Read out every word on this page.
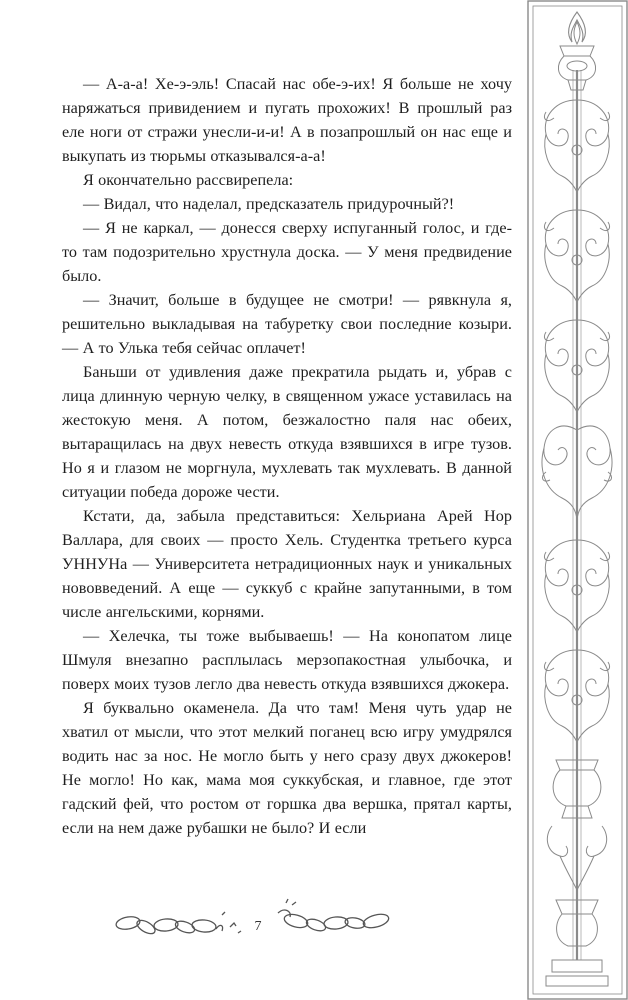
— А-а-а! Хе-э-эль! Спасай нас обе-э-их! Я больше не хочу наряжаться привидением и пугать прохожих! В прошлый раз еле ноги от стражи унесли-и-и! А в позапрошлый он нас еще и выкупать из тюрьмы отказывался-а-а!

Я окончательно рассвирепела:

— Видал, что наделал, предсказатель придурочный?!

— Я не каркал, — донесся сверху испуганный голос, и где-то там подозрительно хрустнула доска. — У меня предвидение было.

— Значит, больше в будущее не смотри! — рявкнула я, решительно выкладывая на табуретку свои последние козыри. — А то Улька тебя сейчас оплачет!

Баньши от удивления даже прекратила рыдать и, убрав с лица длинную черную челку, в священном ужасе уставилась на жестокую меня. А потом, безжалостно паля нас обеих, вытаращилась на двух невесть откуда взявшихся в игре тузов. Но я и глазом не моргнула, мухлевать так мухлевать. В данной ситуации победа дороже чести.

Кстати, да, забыла представиться: Хельриана Арей Нор Валлара, для своих — просто Хель. Студентка третьего курса УННУНа — Университета нетрадиционных наук и уникальных нововведений. А еще — суккуб с крайне запутанными, в том числе ангельскими, корнями.

— Хелечка, ты тоже выбываешь! — На конопатом лице Шмуля внезапно расплылась мерзопакостная улыбочка, и поверх моих тузов легло два невесть откуда взявшихся джокера.

Я буквально окаменела. Да что там! Меня чуть удар не хватил от мысли, что этот мелкий поганец всю игру умудрялся водить нас за нос. Не могло быть у него сразу двух джокеров! Не могло! Но как, мама моя суккубская, и главное, где этот гадский фей, что ростом от горшка два вершка, прятал карты, если на нем даже рубашки не было? И если

7
